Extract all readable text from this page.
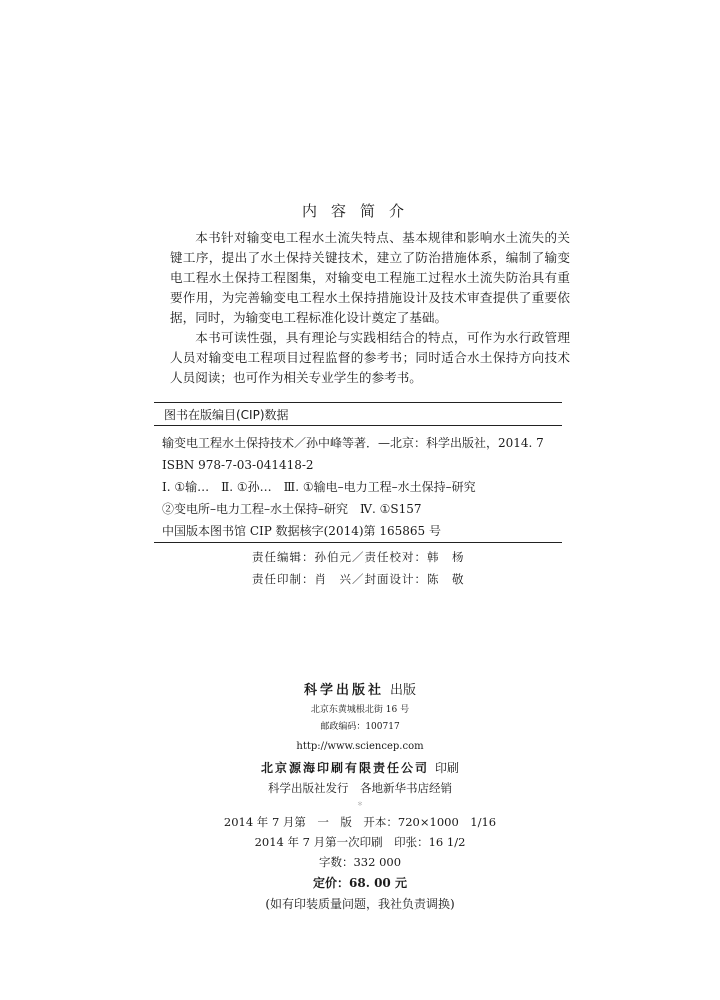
内容简介

本书针对输变电工程水土流失特点、基本规律和影响水土流失的关键工序，提出了水土保持关键技术，建立了防治措施体系，编制了输变电工程水土保持工程图集，对输变电工程施工过程水土流失防治具有重要作用，为完善输变电工程水土保持措施设计及技术审查提供了重要依据，同时，为输变电工程标准化设计奠定了基础。

本书可读性强，具有理论与实践相结合的特点，可作为水行政管理人员对输变电工程项目过程监督的参考书；同时适合水土保持方向技术人员阅读；也可作为相关专业学生的参考书。

图书在版编目(CIP)数据
输变电工程水土保持技术／孙中峰等著．—北京：科学出版社，2014. 7
ISBN 978-7-03-041418-2
Ⅰ. ①输…　Ⅱ. ①孙…　Ⅲ. ①输电–电力工程–水土保持–研究
②变电所–电力工程–水土保持–研究　Ⅳ. ①S157
中国版本图书馆 CIP 数据核字(2014)第 165865 号
责任编辑：孙伯元／责任校对：韩　杨
责任印制：肖　兴／封面设计：陈　敬
科学出版社 出版
北京东黄城根北街 16 号
邮政编码：100717
http://www.sciencep.com
北京源海印刷有限责任公司 印刷
科学出版社发行　各地新华书店经销
＊
2014 年 7 月第　一　版　开本：720×1000　1/16
2014 年 7 月第一次印刷　印张：16 1/2
字数：332 000
定价：68. 00 元
(如有印装质量问题，我社负责调换)
